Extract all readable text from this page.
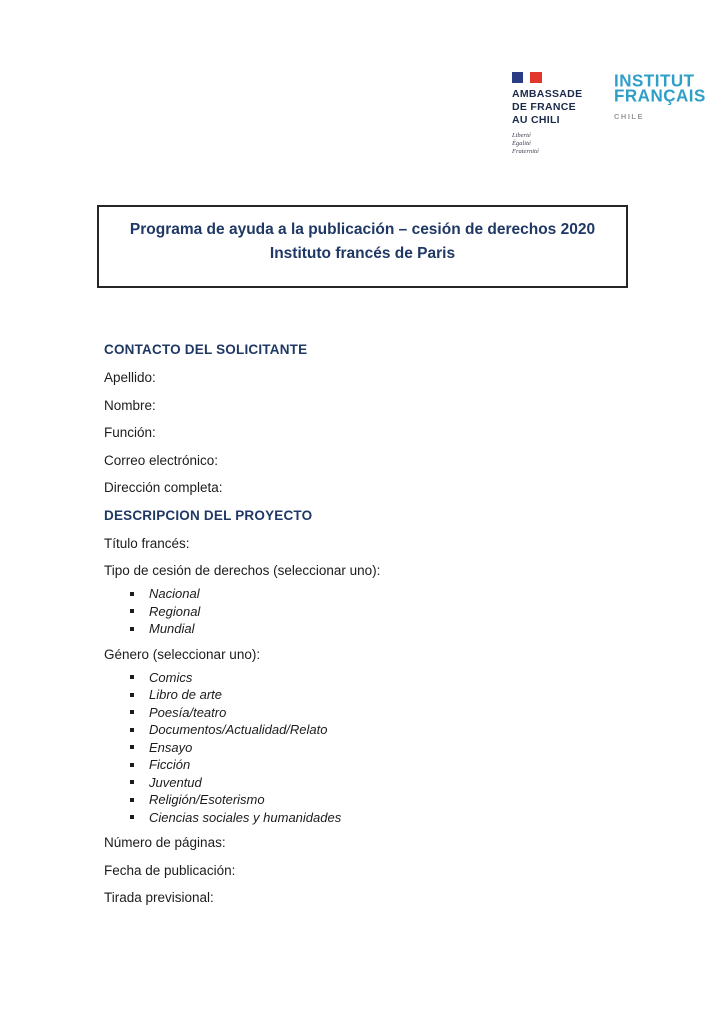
AMBASSADE
DE FRANCE
AU CHILI
Liberté
Égalité
Fraternité
INSTITUT
FRANÇAIS
CHILE
Programa de ayuda a la publicación – cesión de derechos 2020
Instituto francés de Paris
CONTACTO DEL SOLICITANTE
Apellido:
Nombre:
Función:
Correo electrónico:
Dirección completa:
DESCRIPCION DEL PROYECTO
Título francés:
Tipo de cesión de derechos (seleccionar uno):
Nacional
Regional
Mundial
Género (seleccionar uno):
Comics
Libro de arte
Poesía/teatro
Documentos/Actualidad/Relato
Ensayo
Ficción
Juventud
Religión/Esoterismo
Ciencias sociales y humanidades
Número de páginas:
Fecha de publicación:
Tirada previsional:
